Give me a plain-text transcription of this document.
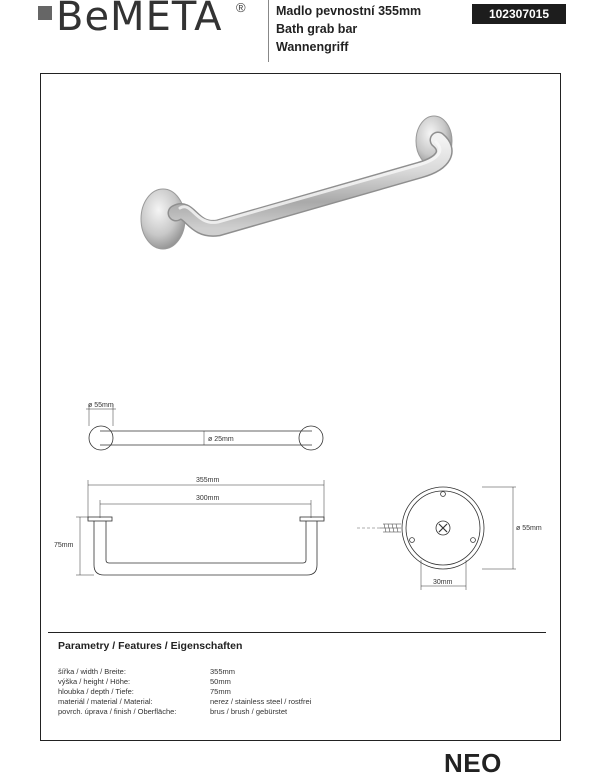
BeMETA ® Madlo pevnostní 355mm
Bath grab bar
Wannengriff
102307015
ø 55mm
ø 25mm
355mm
300mm
75mm
ø 55mm
30mm
Parametry / Features / Eigenschaften
šířka / width / Breite:	355mm
výška / height / Höhe:	50mm
hloubka / depth / Tiefe:	75mm
materiál / material / Material:	nerez / stainless steel / rostfrei
povrch. úprava / finish / Oberfläche:	brus / brush / gebürstet
NEO
